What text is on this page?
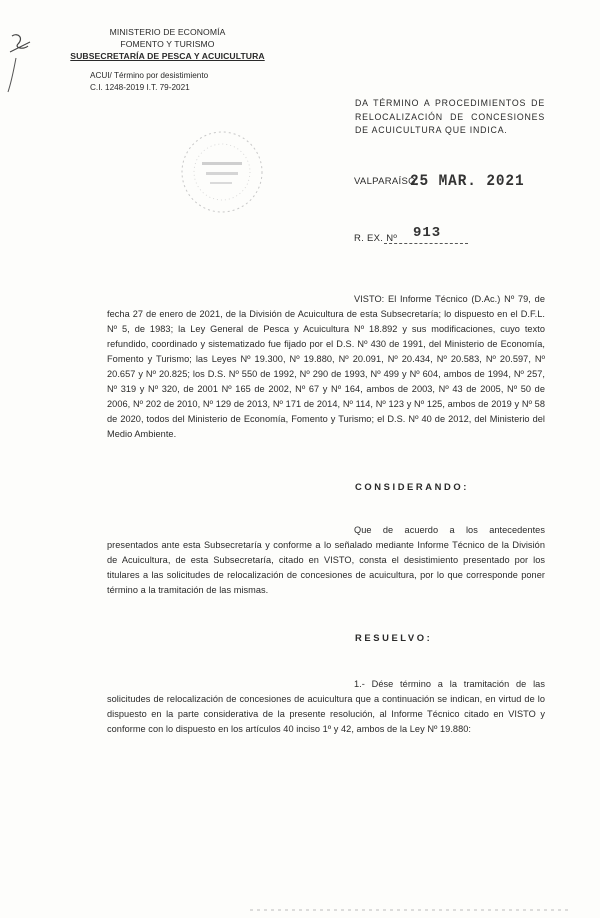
MINISTERIO DE ECONOMÍA
FOMENTO Y TURISMO
SUBSECRETARÍA DE PESCA Y ACUICULTURA
ACUI/ Término por desistimiento
C.I. 1248-2019 I.T. 79-2021
DA TÉRMINO A PROCEDIMIENTOS DE RELOCALIZACIÓN DE CONCESIONES DE ACUICULTURA QUE INDICA.
VALPARAÍSO,
25 MAR. 2021
R. EX. Nº 913
VISTO: El Informe Técnico (D.Ac.) Nº 79, de fecha 27 de enero de 2021, de la División de Acuicultura de esta Subsecretaría; lo dispuesto en el D.F.L. Nº 5, de 1983; la Ley General de Pesca y Acuicultura Nº 18.892 y sus modificaciones, cuyo texto refundido, coordinado y sistematizado fue fijado por el D.S. Nº 430 de 1991, del Ministerio de Economía, Fomento y Turismo; las Leyes Nº 19.300, Nº 19.880, Nº 20.091, Nº 20.434, Nº 20.583, Nº 20.597, Nº 20.657 y Nº 20.825; los D.S. Nº 550 de 1992, Nº 290 de 1993, Nº 499 y Nº 604, ambos de 1994, Nº 257, Nº 319 y Nº 320, de 2001 Nº 165 de 2002, Nº 67 y Nº 164, ambos de 2003, Nº 43 de 2005, Nº 50 de 2006, Nº 202 de 2010, Nº 129 de 2013, Nº 171 de 2014, Nº 114, Nº 123 y Nº 125, ambos de 2019 y Nº 58 de 2020, todos del Ministerio de Economía, Fomento y Turismo; el D.S. Nº 40 de 2012, del Ministerio del Medio Ambiente.
CONSIDERANDO:
Que de acuerdo a los antecedentes presentados ante esta Subsecretaría y conforme a lo señalado mediante Informe Técnico de la División de Acuicultura, de esta Subsecretaría, citado en VISTO, consta el desistimiento presentado por los titulares a las solicitudes de relocalización de concesiones de acuicultura, por lo que corresponde poner término a la tramitación de las mismas.
RESUELVO:
1.- Dése término a la tramitación de las solicitudes de relocalización de concesiones de acuicultura que a continuación se indican, en virtud de lo dispuesto en la parte considerativa de la presente resolución, al Informe Técnico citado en VISTO y conforme con lo dispuesto en los artículos 40 inciso 1º y 42, ambos de la Ley Nº 19.880:
